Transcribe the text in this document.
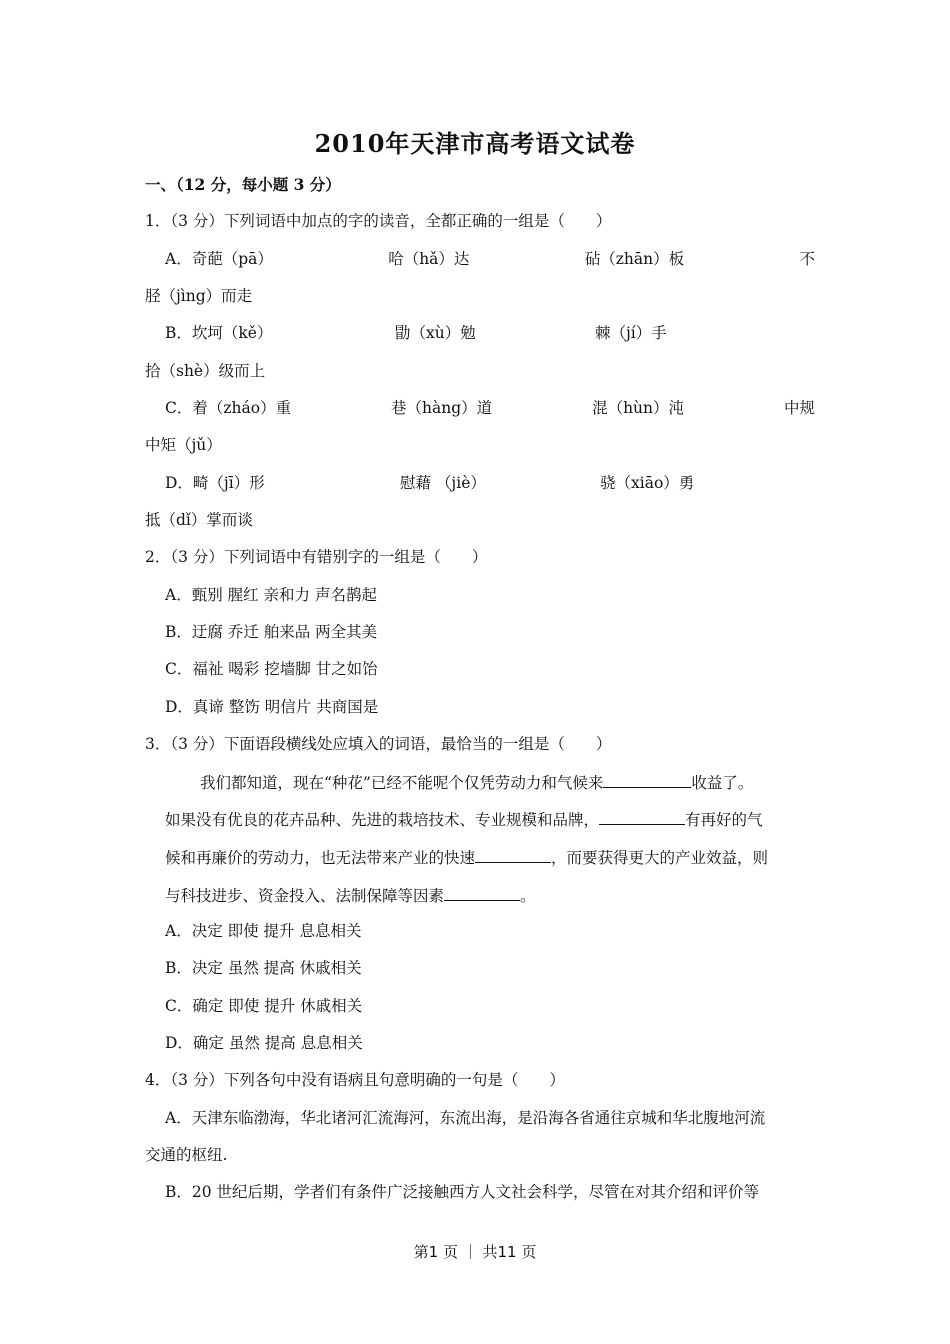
2010年天津市高考语文试卷
一、（12 分，每小题 3 分）
1．（3 分）下列词语中加点的字的读音，全都正确的一组是（　　）
A．奇葩（pā）	哈（hǎ）达	砧（zhān）板	不
胫（jìng）而走
B．坎坷（kě）	勖（xù）勉	棘（jí）手
拾（shè）级而上
C．着（zháo）重	巷（hàng）道	混（hùn）沌	中规
中矩（jǔ）
D．畸（jī）形	慰藉 （jiè）	骁（xiāo）勇
抵（dǐ）掌而谈
2．（3 分）下列词语中有错别字的一组是（　　）
A．甄别 腥红 亲和力 声名鹊起
B．迂腐 乔迁 舶来品 两全其美
C．福祉 喝彩 挖墙脚 甘之如饴
D．真谛 整饬 明信片 共商国是
3．（3 分）下面语段横线处应填入的词语，最恰当的一组是（　　）
我们都知道，现在“种花”已经不能呢个仅凭劳动力和气候来	收益了。
如果没有优良的花卉品种、先进的栽培技术、专业规模和品牌，	有再好的气
候和再廉价的劳动力，也无法带来产业的快速	，而要获得更大的产业效益，则
与科技进步、资金投入、法制保障等因素	。
A．决定 即使 提升 息息相关
B．决定 虽然 提高 休戚相关
C．确定 即使 提升 休戚相关
D．确定 虽然 提高 息息相关
4．（3 分）下列各句中没有语病且句意明确的一句是（　　）
A．天津东临渤海，华北诸河汇流海河，东流出海，是沿海各省通往京城和华北腹地河流
交通的枢纽.
B．20 世纪后期，学者们有条件广泛接触西方人文社会科学，尽管在对其介绍和评价等
第1 页 ｜ 共11 页
